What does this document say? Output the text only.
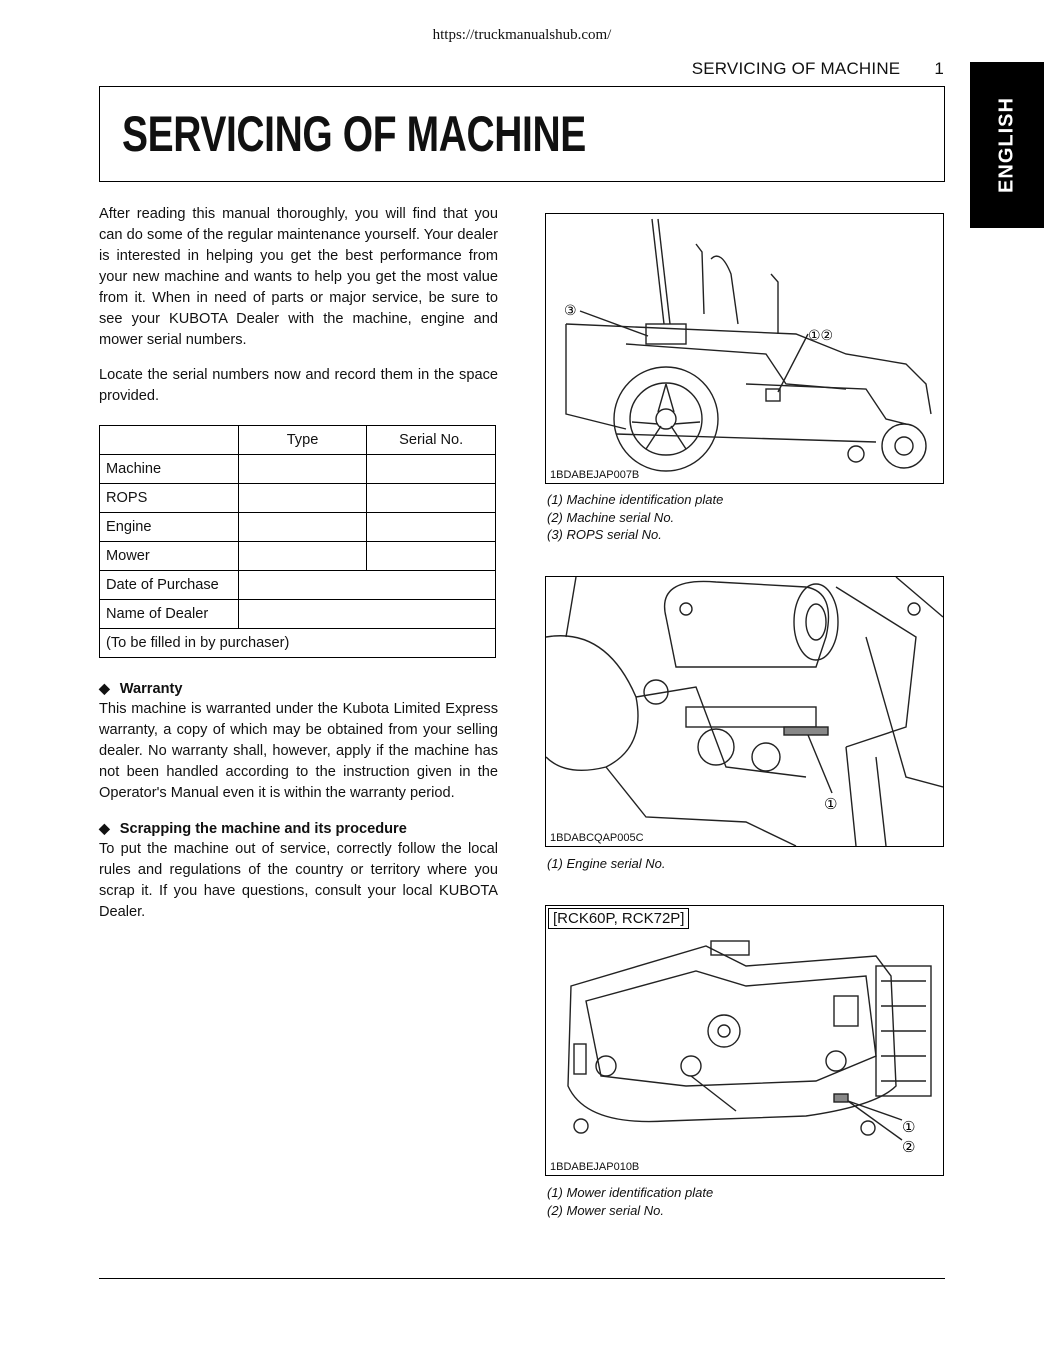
https://truckmanualshub.com/
SERVICING OF MACHINE 1
ENGLISH
SERVICING OF MACHINE

After reading this manual thoroughly, you will find that you can do some of the regular maintenance yourself. Your dealer is interested in helping you get the best performance from your new machine and wants to help you get the most value from it. When in need of parts or major service, be sure to see your KUBOTA Dealer with the machine, engine and mower serial numbers.

Locate the serial numbers now and record them in the space provided.

	Type	Serial No.
Machine		
ROPS		
Engine		
Mower		
Date of Purchase		
Name of Dealer		
(To be filled in by purchaser)		
◆ Warranty

This machine is warranted under the Kubota Limited Express warranty, a copy of which may be obtained from your selling dealer. No warranty shall, however, apply if the machine has not been handled according to the instruction given in the Operator's Manual even it is within the warranty period.

◆ Scrapping the machine and its procedure

To put the machine out of service, correctly follow the local rules and regulations of the country or territory where you scrap it. If you have questions, consult your local KUBOTA Dealer.

③
①②
1BDABEJAP007B
(1) Machine identification plate
(2) Machine serial No.
(3) ROPS serial No.
①
1BDABCQAP005C
(1) Engine serial No.
①
②
[RCK60P, RCK72P]
1BDABEJAP010B
(1) Mower identification plate
(2) Mower serial No.
